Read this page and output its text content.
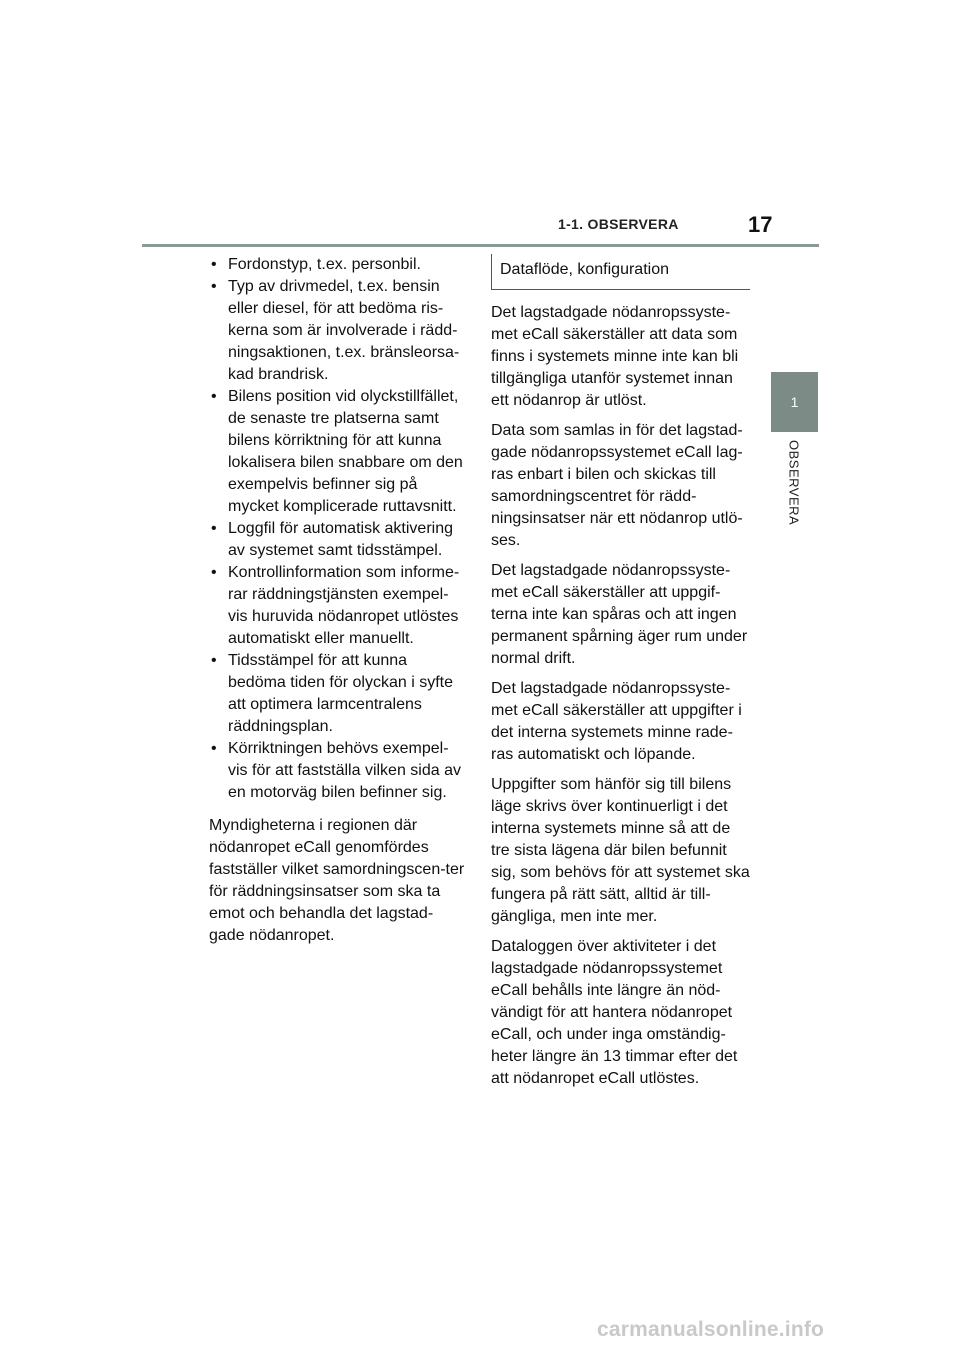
1-1. OBSERVERA	17
1
OBSERVERA
• Fordonstyp, t.ex. personbil.
• Typ av drivmedel, t.ex. bensin eller diesel, för att bedöma ris-kerna som är involverade i rädd-ningsaktionen, t.ex. bränsleorsa-kad brandrisk.
• Bilens position vid olyckstillfället, de senaste tre platserna samt bilens körriktning för att kunna lokalisera bilen snabbare om den exempelvis befinner sig på mycket komplicerade ruttavsnitt.
• Loggfil för automatisk aktivering av systemet samt tidsstämpel.
• Kontrollinformation som informe-rar räddningstjänsten exempel-vis huruvida nödanropet utlöstes automatiskt eller manuellt.
• Tidsstämpel för att kunna bedöma tiden för olyckan i syfte att optimera larmcentralens räddningsplan.
• Körriktningen behövs exempel-vis för att fastställa vilken sida av en motorväg bilen befinner sig.

Myndigheterna i regionen där nödanropet eCall genomfördes fastställer vilket samordningscen-ter för räddningsinsatser som ska ta emot och behandla det lagstad-gade nödanropet.

Dataflöde, konfiguration

Det lagstadgade nödanropssyste-met eCall säkerställer att data som finns i systemets minne inte kan bli tillgängliga utanför systemet innan ett nödanrop är utlöst.

Data som samlas in för det lagstad-gade nödanropssystemet eCall lag-ras enbart i bilen och skickas till samordningscentret för rädd-ningsinsatser när ett nödanrop utlö-ses.

Det lagstadgade nödanropssyste-met eCall säkerställer att uppgif-terna inte kan spåras och att ingen permanent spårning äger rum under normal drift.

Det lagstadgade nödanropssyste-met eCall säkerställer att uppgifter i det interna systemets minne rade-ras automatiskt och löpande.

Uppgifter som hänför sig till bilens läge skrivs över kontinuerligt i det interna systemets minne så att de tre sista lägena där bilen befunnit sig, som behövs för att systemet ska fungera på rätt sätt, alltid är till-gängliga, men inte mer.

Dataloggen över aktiviteter i det lagstadgade nödanropssystemet eCall behålls inte längre än nöd-vändigt för att hantera nödanropet eCall, och under inga omständig-heter längre än 13 timmar efter det att nödanropet eCall utlöstes.

carmanualsonline.info
